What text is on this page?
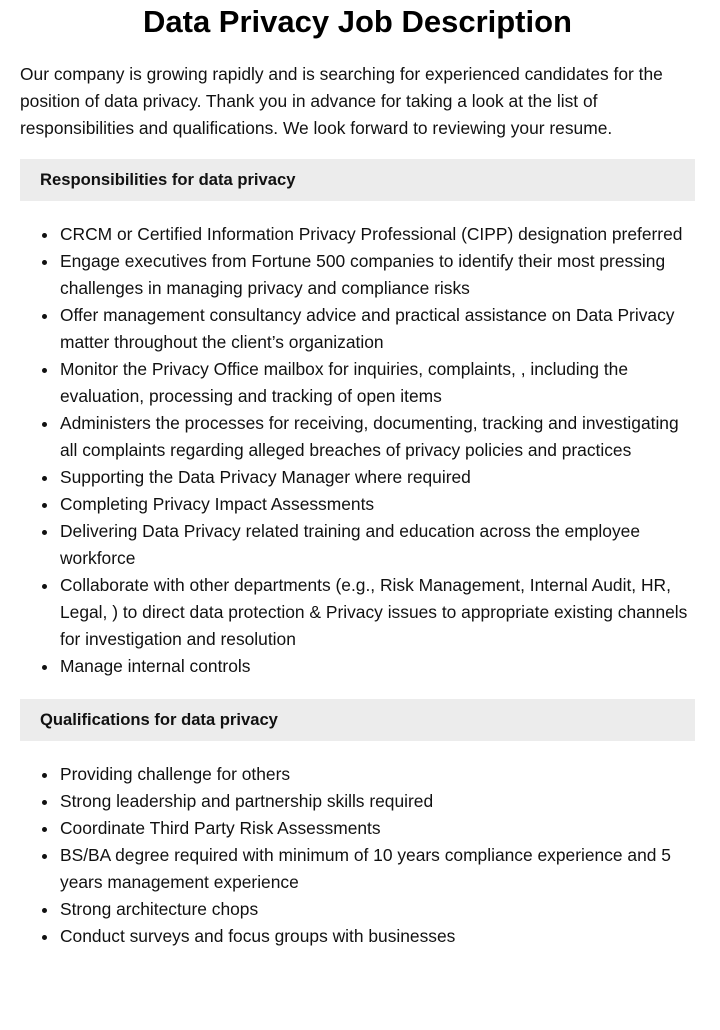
Data Privacy Job Description

Our company is growing rapidly and is searching for experienced candidates for the position of data privacy. Thank you in advance for taking a look at the list of responsibilities and qualifications. We look forward to reviewing your resume.

Responsibilities for data privacy
CRCM or Certified Information Privacy Professional (CIPP) designation preferred
Engage executives from Fortune 500 companies to identify their most pressing challenges in managing privacy and compliance risks
Offer management consultancy advice and practical assistance on Data Privacy matter throughout the client’s organization
Monitor the Privacy Office mailbox for inquiries, complaints, , including the evaluation, processing and tracking of open items
Administers the processes for receiving, documenting, tracking and investigating all complaints regarding alleged breaches of privacy policies and practices
Supporting the Data Privacy Manager where required
Completing Privacy Impact Assessments
Delivering Data Privacy related training and education across the employee workforce
Collaborate with other departments (e.g., Risk Management, Internal Audit, HR, Legal, ) to direct data protection & Privacy issues to appropriate existing channels for investigation and resolution
Manage internal controls
Qualifications for data privacy
Providing challenge for others
Strong leadership and partnership skills required
Coordinate Third Party Risk Assessments
BS/BA degree required with minimum of 10 years compliance experience and 5 years management experience
Strong architecture chops
Conduct surveys and focus groups with businesses
